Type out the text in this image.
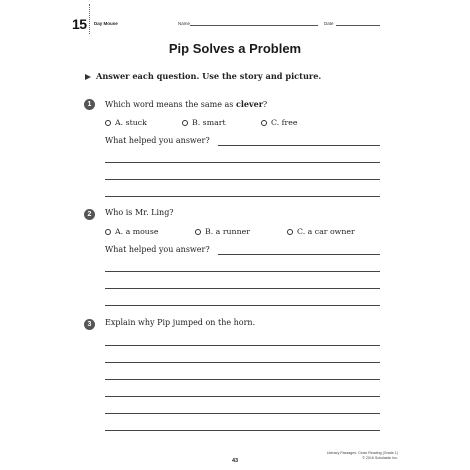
15 Day Mouse	Name	Date
Pip Solves a Problem
Answer each question. Use the story and picture.
1	Which word means the same as clever?
A. stuck	B. smart	C. free
What helped you answer?
2	Who is Mr. Ling?
A. a mouse	B. a runner	C. a car owner
What helped you answer?
3	Explain why Pip jumped on the horn.
43
Literacy Passages: Close Reading (Grade 1)
© 2016 Scholastic Inc.
